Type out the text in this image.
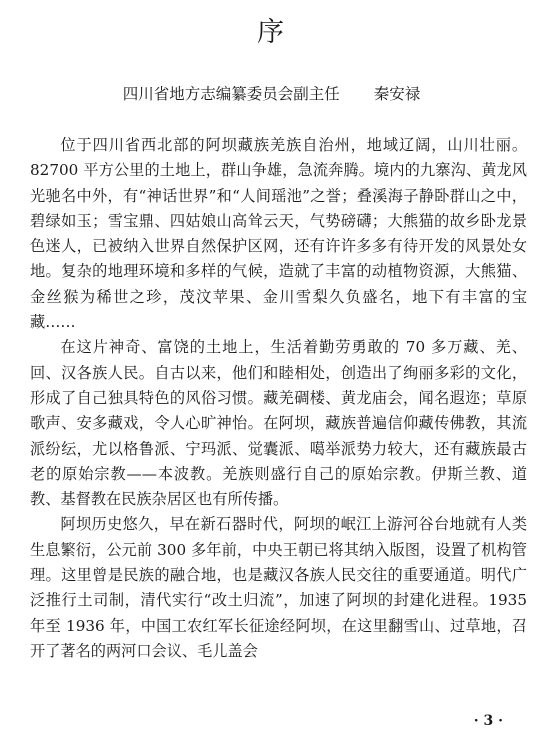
序
四川省地方志编纂委员会副主任 秦安禄

位于四川省西北部的阿坝藏族羌族自治州，地域辽阔，山川壮丽。82700 平方公里的土地上，群山争雄，急流奔腾。境内的九寨沟、黄龙风光驰名中外，有“神话世界”和“人间瑶池”之誉；叠溪海子静卧群山之中，碧绿如玉；雪宝鼎、四姑娘山高耸云天，气势磅礴；大熊猫的故乡卧龙景色迷人，已被纳入世界自然保护区网，还有许许多多有待开发的风景处女地。复杂的地理环境和多样的气候，造就了丰富的动植物资源，大熊猫、金丝猴为稀世之珍，茂汶苹果、金川雪梨久负盛名，地下有丰富的宝藏……

在这片神奇、富饶的土地上，生活着勤劳勇敢的 70 多万藏、羌、回、汉各族人民。自古以来，他们和睦相处，创造出了绚丽多彩的文化，形成了自己独具特色的风俗习惯。藏羌碉楼、黄龙庙会，闻名遐迩；草原歌声、安多藏戏，令人心旷神怡。在阿坝，藏族普遍信仰藏传佛教，其流派纷纭，尤以格鲁派、宁玛派、觉囊派、噶举派势力较大，还有藏族最古老的原始宗教——本波教。羌族则盛行自己的原始宗教。伊斯兰教、道教、基督教在民族杂居区也有所传播。

阿坝历史悠久，早在新石器时代，阿坝的岷江上游河谷台地就有人类生息繁衍，公元前 300 多年前，中央王朝已将其纳入版图，设置了机构管理。这里曾是民族的融合地，也是藏汉各族人民交往的重要通道。明代广泛推行土司制，清代实行“改土归流”，加速了阿坝的封建化进程。1935 年至 1936 年，中国工农红军长征途经阿坝，在这里翻雪山、过草地，召开了著名的两河口会议、毛儿盖会

· 3 ·
